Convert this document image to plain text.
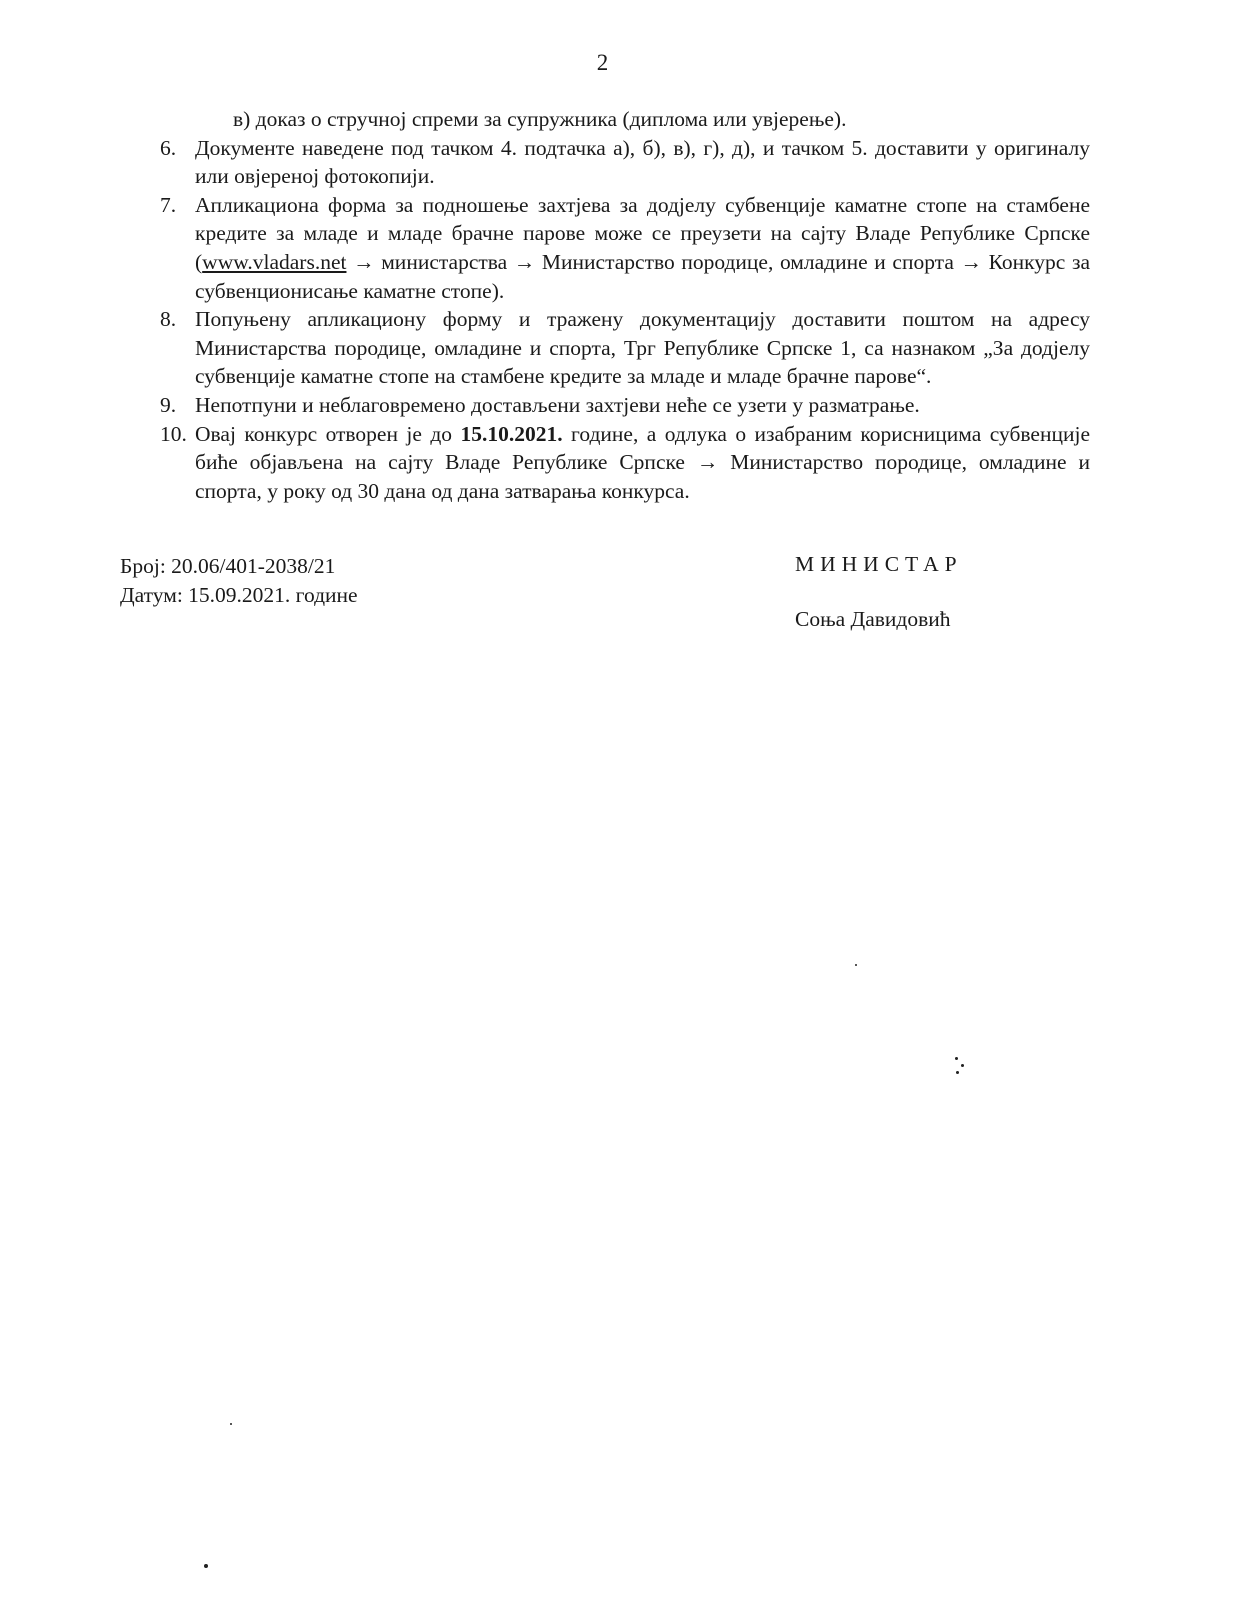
2
в) доказ о стручној спреми за супружника (диплома или увјерење).
6. Документе наведене под тачком 4. подтачка а), б), в), г), д), и тачком 5. доставити у оригиналу или овјереној фотокопији.
7. Апликациона форма за подношење захтјева за додјелу субвенције каматне стопе на стамбене кредите за младе и младе брачне парове може се преузети на сајту Владе Републике Српске (www.vladars.net → министарства → Министарство породице, омладине и спорта → Конкурс за субвенционисање каматне стопе).
8. Попуњену апликациону форму и тражену документацију доставити поштом на адресу Министарства породице, омладине и спорта, Трг Републике Српске 1, са назнаком „За додјелу субвенције каматне стопе на стамбене кредите за младе и младе брачне парове“.
9. Непотпуни и неблаговремено достављени захтјеви неће се узети у разматрање.
10. Овај конкурс отворен је до 15.10.2021. године, а одлука о изабраним корисницима субвенције биће објављена на сајту Владе Републике Српске → Министарство породице, омладине и спорта, у року од 30 дана од дана затварања конкурса.
Број: 20.06/401-2038/21
Датум: 15.09.2021. године
МИНИСТАР
Соња Давидовић
